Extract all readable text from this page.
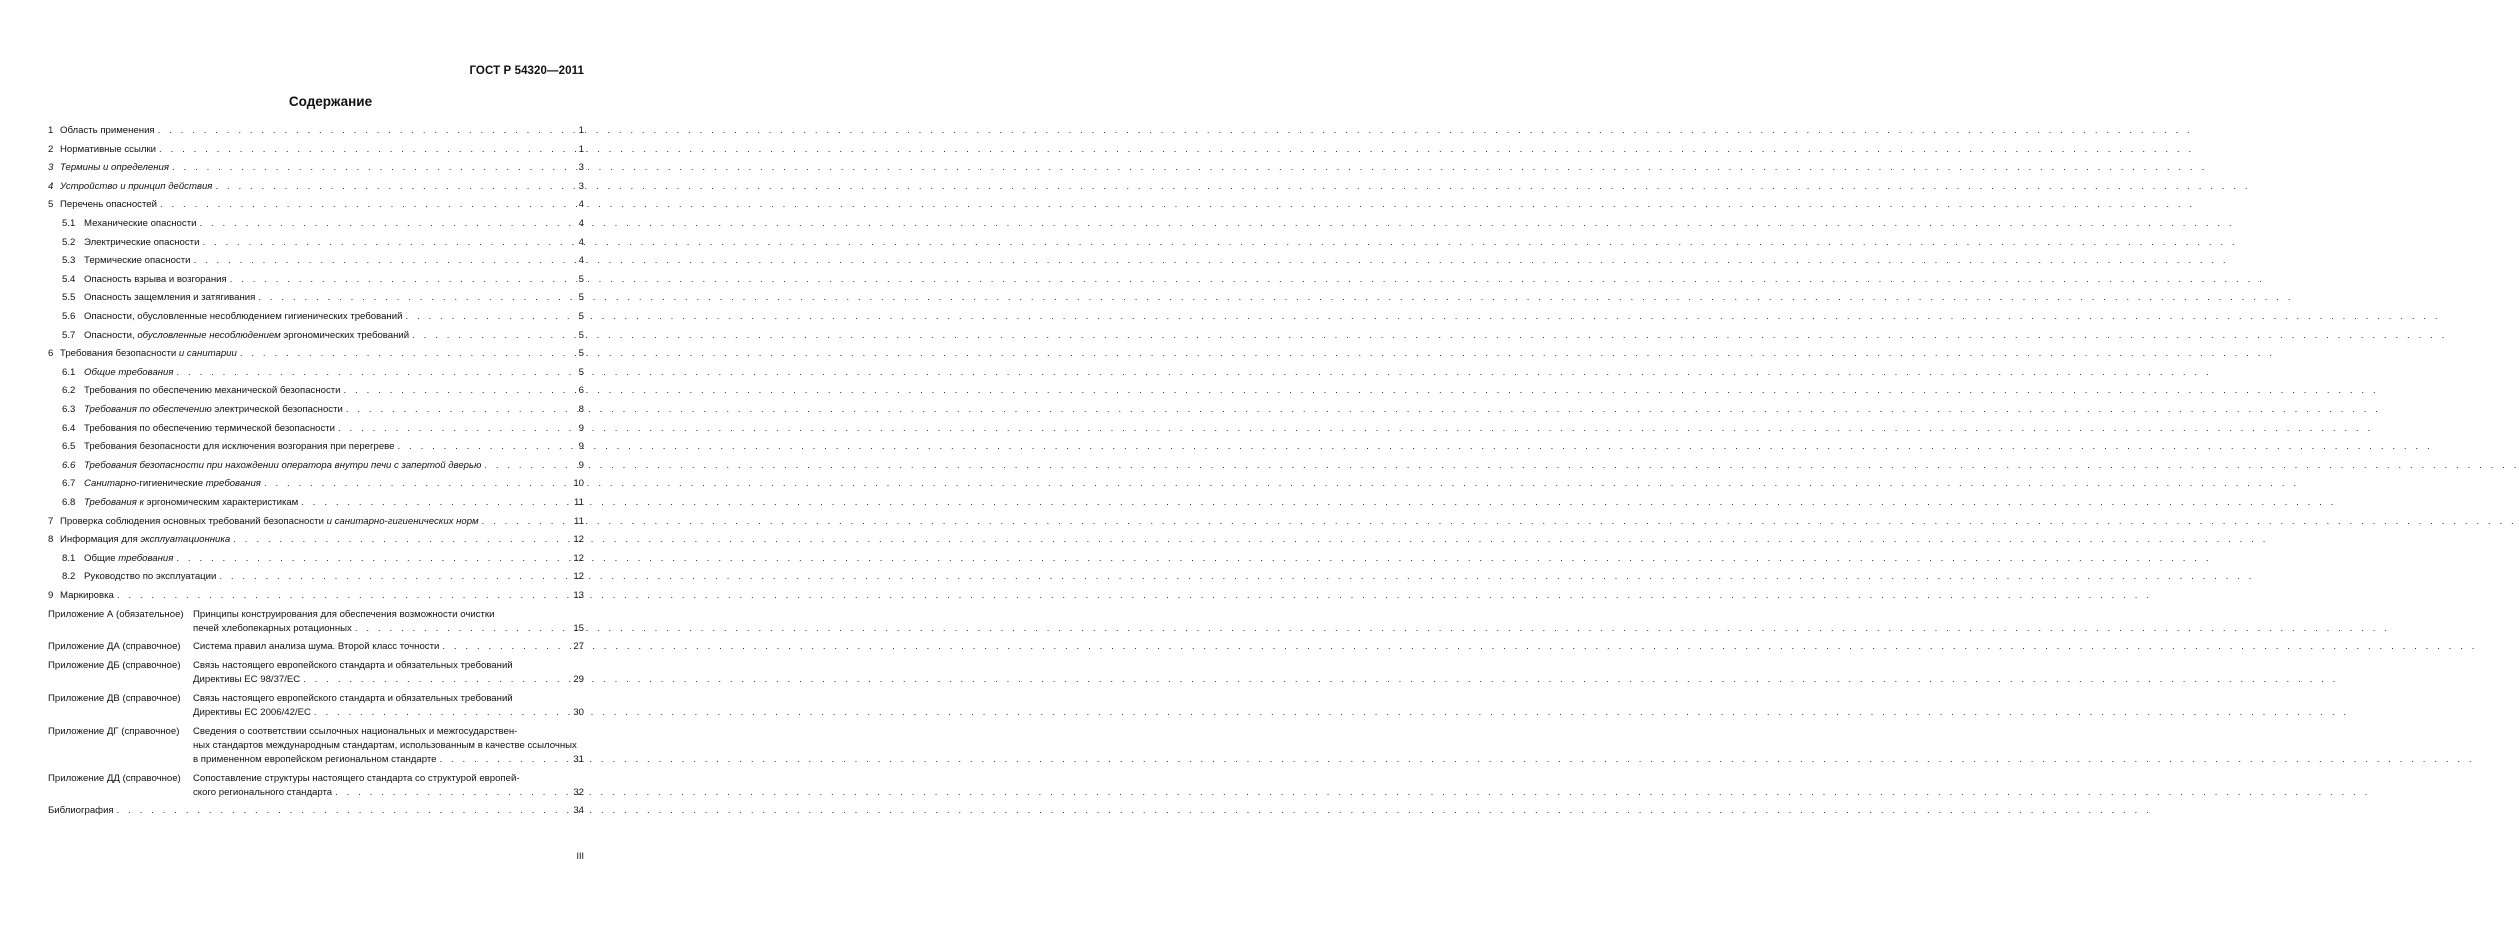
ГОСТ Р 54320—2011
Содержание
1 Область применения . . .	1
2 Нормативные ссылки . . .	1
3 Термины и определения . . .	3
4 Устройство и принцип действия . . .	3
5 Перечень опасностей . . .	4
5.1 Механические опасности . . .	4
5.2 Электрические опасности . . .	4
5.3 Термические опасности . . .	4
5.4 Опасность взрыва и возгорания . . .	5
5.5 Опасность защемления и затягивания . . .	5
5.6 Опасности, обусловленные несоблюдением гигиенических требований . . .	5
5.7 Опасности, обусловленные несоблюдением эргономических требований . . .	5
6 Требования безопасности и санитарии . . .	5
6.1 Общие требования . . .	5
6.2 Требования по обеспечению механической безопасности . . .	6
6.3 Требования по обеспечению электрической безопасности . . .	8
6.4 Требования по обеспечению термической безопасности . . .	9
6.5 Требования безопасности для исключения возгорания при перегреве . . .	9
6.6 Требования безопасности при нахождении оператора внутри печи с запертой дверью . . .	9
6.7 Санитарно-гигиенические требования . . .	10
6.8 Требования к эргономическим характеристикам . . .	11
7 Проверка соблюдения основных требований безопасности и санитарно-гигиенических норм . . .	11
8 Информация для эксплуатационника . . .	12
8.1 Общие требования . . .	12
8.2 Руководство по эксплуатации . . .	12
9 Маркировка . . .	13
Приложение А (обязательное) Принципы конструирования для обеспечения возможности очистки
печей хлебопекарных ротационных . . .	15
Приложение ДА (справочное)	Система правил анализа шума. Второй класс точности . . .	27
Приложение ДБ (справочное)	Связь настоящего европейского стандарта и обязательных требований
Директивы ЕС 98/37/ЕС . . .	29
Приложение ДВ (справочное)	Связь настоящего европейского стандарта и обязательных требований
Директивы ЕС 2006/42/ЕС . . .	30
Приложение ДГ (справочное)	Сведения о соответствии ссылочных национальных и межгосударствен-
ных стандартов международным стандартам, использованным в качестве ссылочных
в примененном европейском региональном стандарте . . .	31
Приложение ДД (справочное)	Сопоставление структуры настоящего стандарта со структурой европей-
ского регионального стандарта . . .	32
Библиография . . .	34
III
